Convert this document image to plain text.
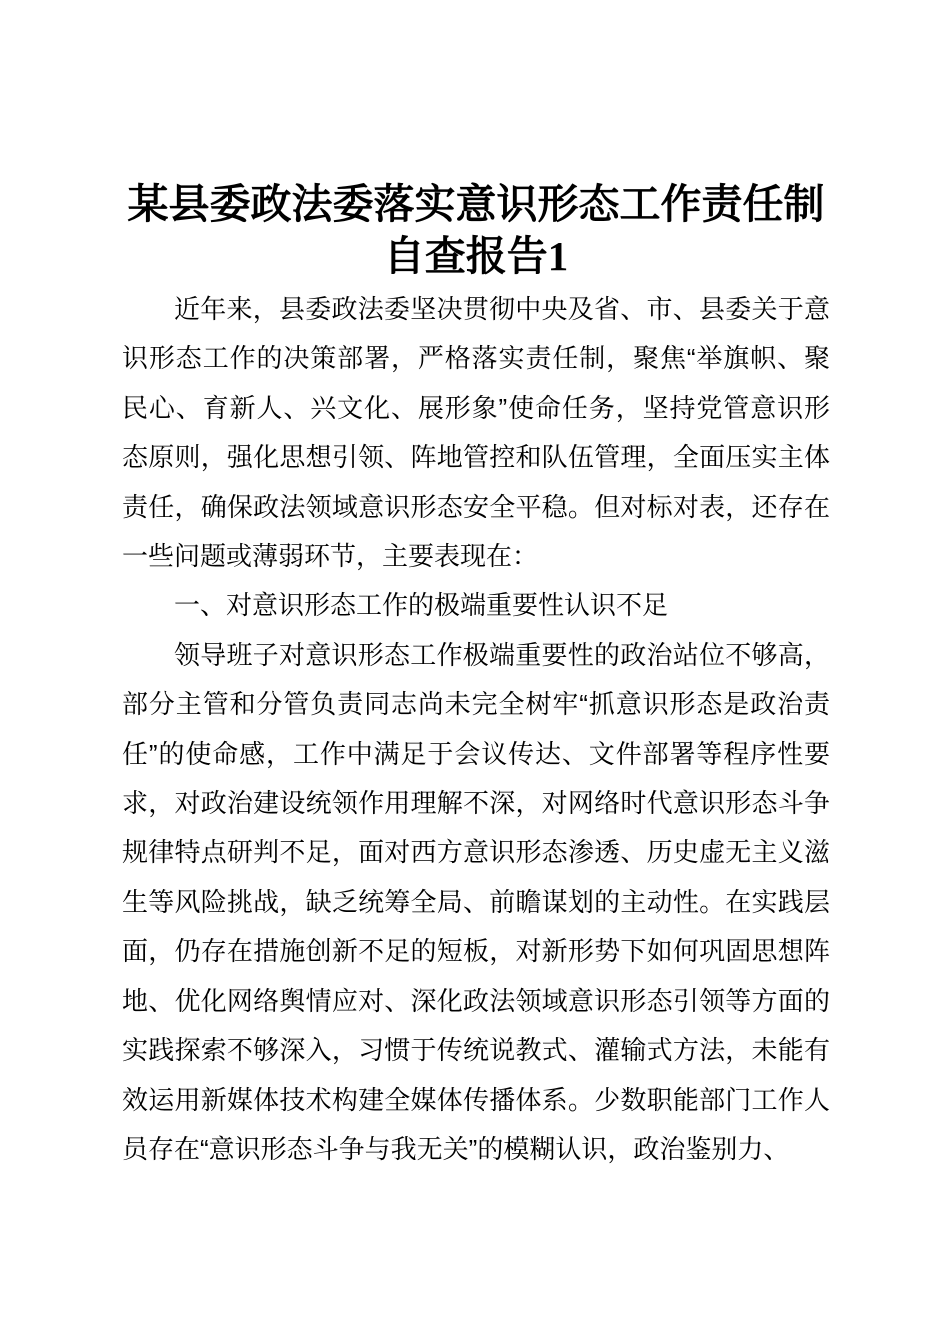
某县委政法委落实意识形态工作责任制自查报告1

近年来，县委政法委坚决贯彻中央及省、市、县委关于意识形态工作的决策部署，严格落实责任制，聚焦“举旗帜、聚民心、育新人、兴文化、展形象”使命任务，坚持党管意识形态原则，强化思想引领、阵地管控和队伍管理，全面压实主体责任，确保政法领域意识形态安全平稳。但对标对表，还存在一些问题或薄弱环节，主要表现在：

一、对意识形态工作的极端重要性认识不足

领导班子对意识形态工作极端重要性的政治站位不够高，部分主管和分管负责同志尚未完全树牢“抓意识形态是政治责任”的使命感，工作中满足于会议传达、文件部署等程序性要求，对政治建设统领作用理解不深，对网络时代意识形态斗争规律特点研判不足，面对西方意识形态渗透、历史虚无主义滋生等风险挑战，缺乏统筹全局、前瞻谋划的主动性。在实践层面，仍存在措施创新不足的短板，对新形势下如何巩固思想阵地、优化网络舆情应对、深化政法领域意识形态引领等方面的实践探索不够深入，习惯于传统说教式、灌输式方法，未能有效运用新媒体技术构建全媒体传播体系。少数职能部门工作人员存在“意识形态斗争与我无关”的模糊认识，政治鉴别力、
